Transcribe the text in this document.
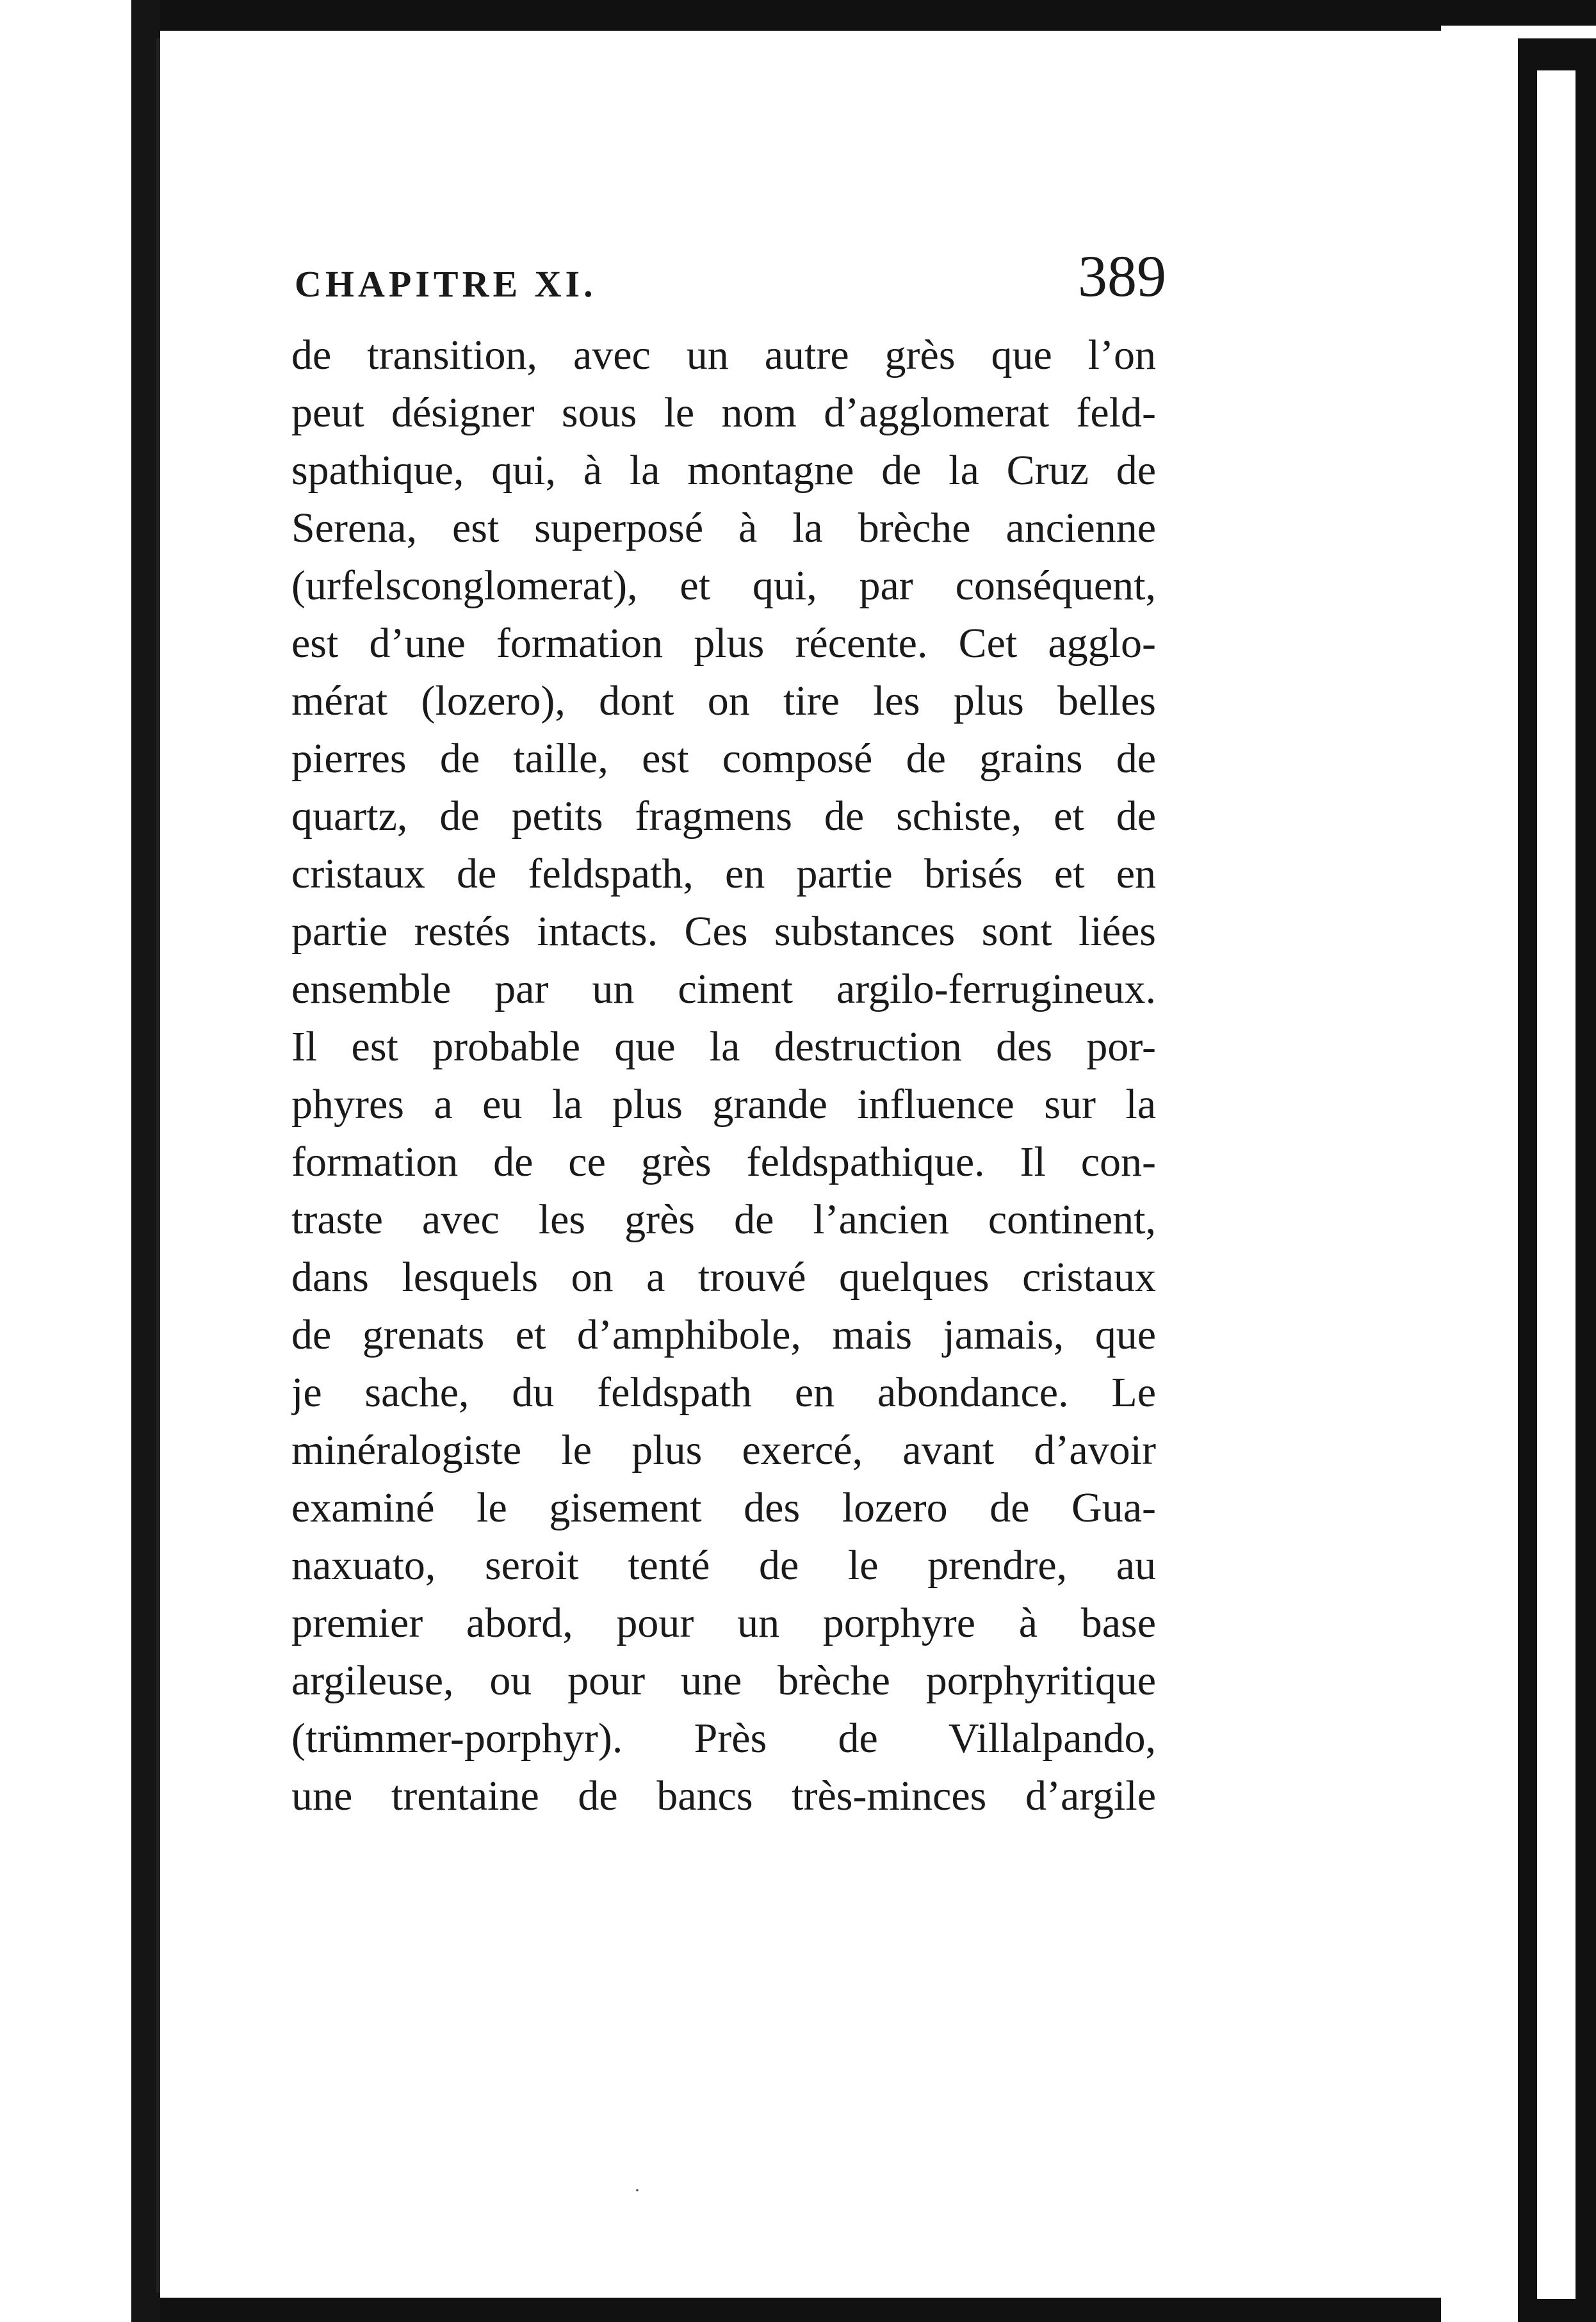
CHAPITRE XI.	389
de transition, avec un autre grès que l’on
peut désigner sous le nom d’agglomerat feld-
spathique, qui, à la montagne de la Cruz de
Serena, est superposé à la brèche ancienne
(urfelsconglomerat), et qui, par conséquent,
est d’une formation plus récente. Cet agglo-
mérat (lozero), dont on tire les plus belles
pierres de taille, est composé de grains de
quartz, de petits fragmens de schiste, et de
cristaux de feldspath, en partie brisés et en
partie restés intacts. Ces substances sont liées
ensemble par un ciment argilo-ferrugineux.
Il est probable que la destruction des por-
phyres a eu la plus grande influence sur la
formation de ce grès feldspathique. Il con-
traste avec les grès de l’ancien continent,
dans lesquels on a trouvé quelques cristaux
de grenats et d’amphibole, mais jamais, que
je sache, du feldspath en abondance. Le
minéralogiste le plus exercé, avant d’avoir
examiné le gisement des lozero de Gua-
naxuato, seroit tenté de le prendre, au
premier abord, pour un porphyre à base
argileuse, ou pour une brèche porphyritique
(trümmer-porphyr). Près de Villalpando,
une trentaine de bancs très-minces d’argile
·
